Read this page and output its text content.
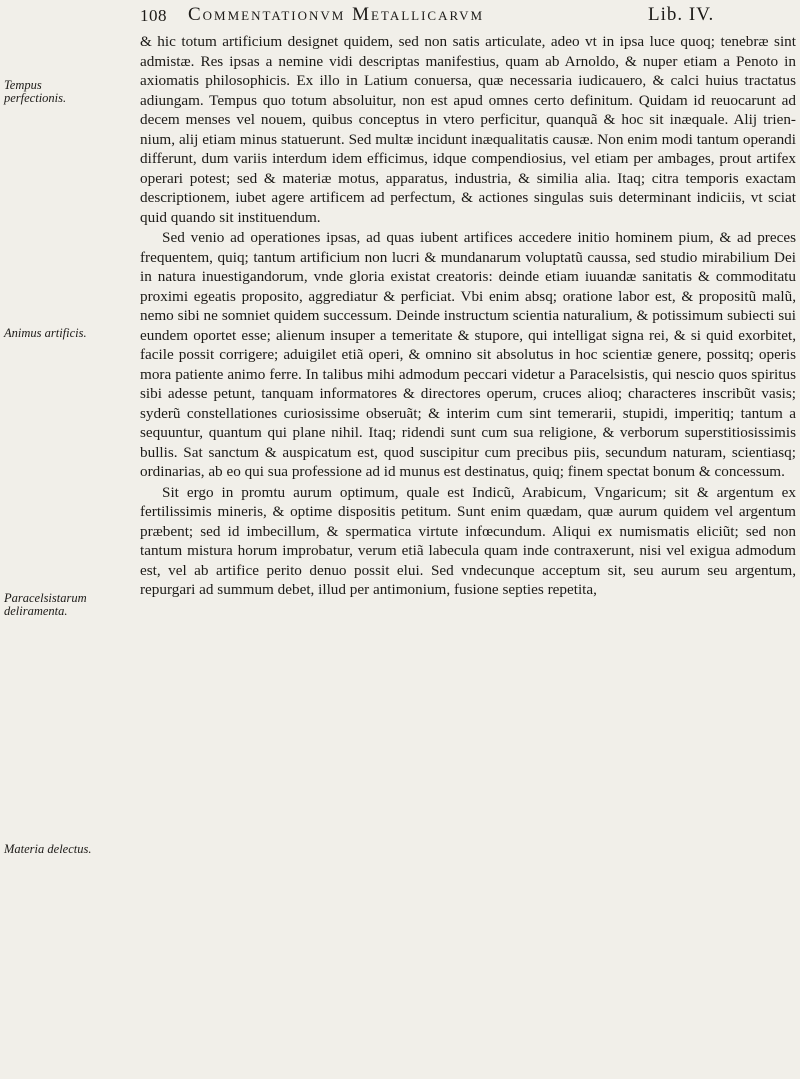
108 Commentationvm Metallicarvm	Lib. IV.
Tempus perfectionis.
Animus artificis.
Paracelsistarum deliramenta.
Materia delectus.

& hic totum artificium designet quidem, sed non satis articulate, adeo vt in ipsa luce quoq; tenebræ sint admistæ. Res ipsas a nemine vidi descriptas manifestius, quam ab Arnoldo, & nuper etiam a Penoto in axiomatis philosophicis. Ex illo in Latium conuersa, quæ necessaria iudicauero, & calci huius tractatus adiungam. Tempus quo totum absoluitur, non est apud omnes certo definitum. Quidam id reuocarunt ad decem menses vel nouem, quibus conceptus in vtero perficitur, quanquã & hoc sit inæquale. Alij trien-nium, alij etiam minus statuerunt. Sed multæ incidunt inæqualitatis causæ. Non enim modi tantum operandi differunt, dum variis interdum idem efficimus, idque compendiosius, vel etiam per ambages, prout artifex operari potest; sed & materiæ motus, apparatus, industria, & similia alia. Itaq; citra temporis exactam descriptionem, iubet agere artificem ad perfectum, & actiones singulas suis determinant indiciis, vt sciat quid quando sit instituendum.

Sed venio ad operationes ipsas, ad quas iubent artifices accedere initio hominem pium, & ad preces frequentem, quiq; tantum artificium non lucri & mundanarum voluptatũ caussa, sed studio mirabilium Dei in natura inuestigandorum, vnde gloria existat creatoris: deinde etiam iuuandæ sanitatis & commoditatu proximi egeatis proposito, aggrediatur & perficiat. Vbi enim absq; oratione labor est, & propositũ malũ, nemo sibi ne somniet quidem successum. Deinde instructum scientia naturalium, & potissimum subiecti sui eundem oportet esse; alienum insuper a temeritate & stupore, qui intelligat signa rei, & si quid exorbitet, facile possit corrigere; aduigilet etiã operi, & omnino sit absolutus in hoc scientiæ genere, possitq; operis mora patiente animo ferre. In talibus mihi admodum peccari videtur a Paracelsistis, qui nescio quos spiritus sibi adesse petunt, tanquam informatores & directores operum, cruces alioq; characteres inscribũt vasis; syderũ constellationes curiosissime obseruãt; & interim cum sint temerarii, stupidi, imperitiq; tantum a sequuntur, quantum qui plane nihil. Itaq; ridendi sunt cum sua religione, & verborum superstitiosissimis bullis. Sat sanctum & auspicatum est, quod suscipitur cum precibus piis, secundum naturam, scientiasq; ordinarias, ab eo qui sua professione ad id munus est destinatus, quiq; finem spectat bonum & concessum.

Sit ergo in promtu aurum optimum, quale est Indicũ, Arabicum, Vngaricum; sit & argentum ex fertilissimis mineris, & optime dispositis petitum. Sunt enim quædam, quæ aurum quidem vel argentum præbent; sed id imbecillum, & spermatica virtute infœcundum. Aliqui ex numismatis eliciũt; sed non tantum mistura horum improbatur, verum etiã labecula quam inde contraxerunt, nisi vel exigua admodum est, vel ab artifice perito denuo possit elui. Sed vndecunque acceptum sit, seu aurum seu argentum, repurgari ad summum debet, illud per antimonium, fusione septies repetita,
